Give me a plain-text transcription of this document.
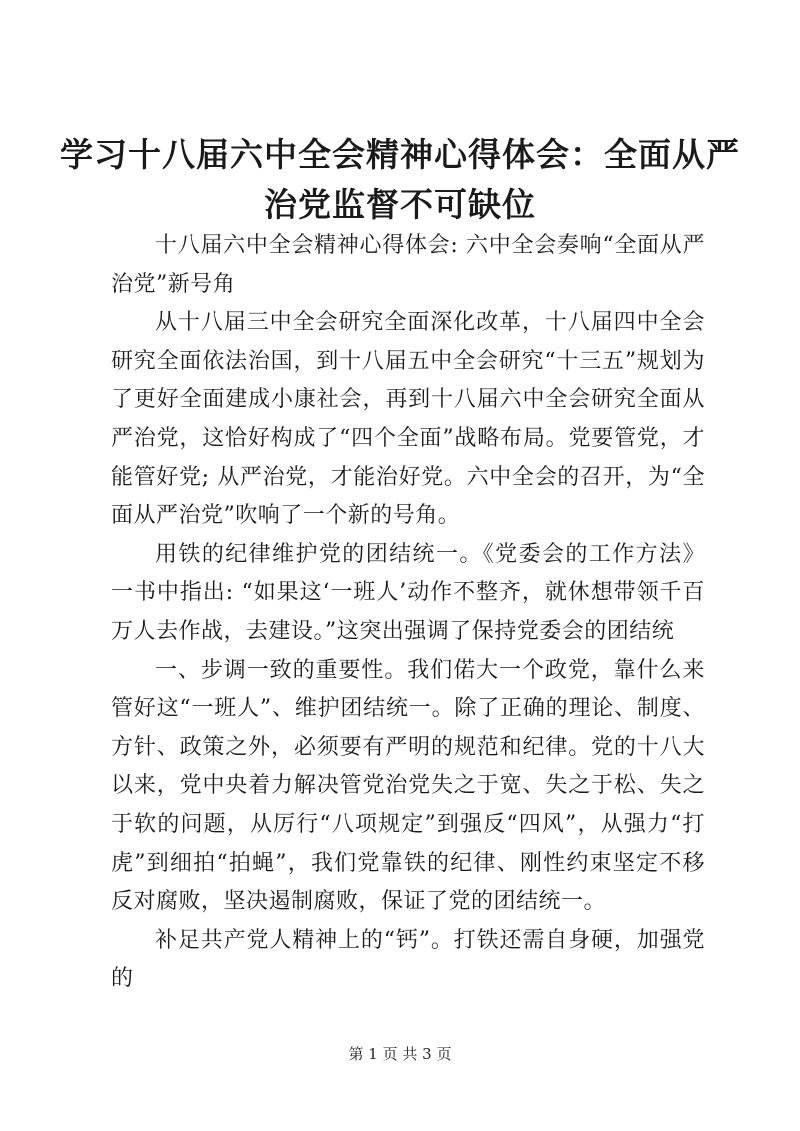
学习十八届六中全会精神心得体会：全面从严
治党监督不可缺位

十八届六中全会精神心得体会: 六中全会奏响“全面从严治党”新号角

从十八届三中全会研究全面深化改革，十八届四中全会研究全面依法治国，到十八届五中全会研究“十三五”规划为了更好全面建成小康社会，再到十八届六中全会研究全面从严治党，这恰好构成了“四个全面”战略布局。党要管党，才能管好党; 从严治党，才能治好党。六中全会的召开，为“全面从严治党”吹响了一个新的号角。

用铁的纪律维护党的团结统一。《党委会的工作方法》一书中指出: “如果这‘一班人’动作不整齐，就休想带领千百万人去作战，去建设。”这突出强调了保持党委会的团结统

一、步调一致的重要性。我们偌大一个政党，靠什么来管好这“一班人”、维护团结统一。除了正确的理论、制度、方针、政策之外，必须要有严明的规范和纪律。党的十八大以来，党中央着力解决管党治党失之于宽、失之于松、失之于软的问题，从厉行“八项规定”到强反“四风”，从强力“打虎”到细拍“拍蝇”，我们党靠铁的纪律、刚性约束坚定不移反对腐败，坚决遏制腐败，保证了党的团结统一。

补足共产党人精神上的“钙”。打铁还需自身硬，加强党的

第 1 页 共 3 页
